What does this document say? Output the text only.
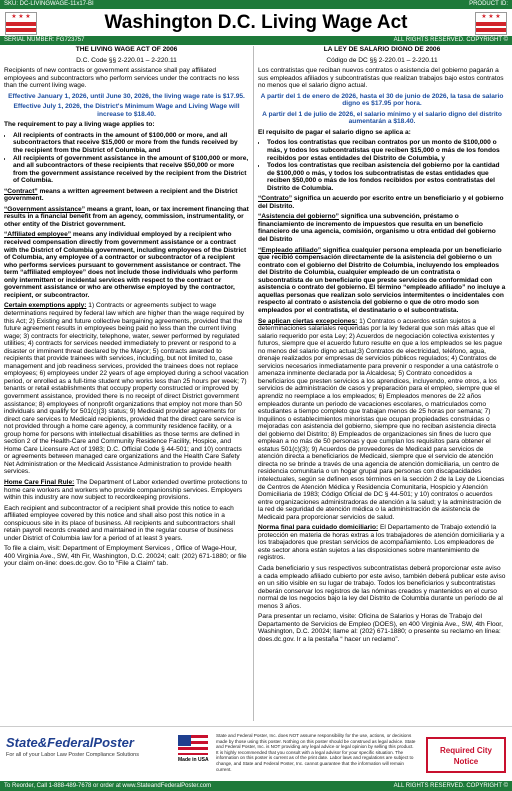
SKU: DC-LIVINGWAGE-11x17-BI	PRODUCT ID:
★ ★ ★	Washington D.C. Living Wage Act	★ ★ ★
SERIAL NUMBER: FG723757	ALL RIGHTS RESERVED. COPYRIGHT ©

THE LIVING WAGE ACT OF 2006

D.C. Code §§ 2-220.01 – 2-220.11

Recipients of new contracts or government assistance shall pay affiliated employees and subcontractors who perform services under the contracts no less than the current living wage.

Effective January 1, 2026, until June 30, 2026, the living wage rate is $17.95.

Effective July 1, 2026, the District's Minimum Wage and Living Wage will increase to $18.40.

The requirement to pay a living wage applies to:

• All recipients of contracts in the amount of $100,000 or more, and all subcontractors that receive $15,000 or more from the funds received by the recipient from the District of Columbia, and
• All recipients of government assistance in the amount of $100,000 or more, and all subcontractors of these recipients that receive $50,000 or more from the government assistance received by the recipient from the District of Columbia.

“Contract” means a written agreement between a recipient and the District government.

“Government assistance” means a grant, loan, or tax increment financing that results in a financial benefit from an agency, commission, instrumentality, or other entity of the District government.

“Affiliated employee” means any individual employed by a recipient who received compensation directly from government assistance or a contract with the District of Columbia government, including employees of the District of Columbia, any employee of a contractor or subcontractor of a recipient who performs services pursuant to government assistance or contract. The term “affiliated employee” does not include those individuals who perform only intermittent or incidental services with respect to the contract or government assistance or who are otherwise employed by the contractor, recipient, or subcontractor.

Certain exemptions apply: 1) Contracts or agreements subject to wage determinations required by federal law which are higher than the wage required by this Act; 2) Existing and future collective bargaining agreements, provided that the future agreement results in employees being paid no less than the current living wage; 3) contracts for electricity, telephone, water, sewer performed by regulated utilities; 4) contracts for services needed immediately to prevent or respond to a disaster or imminent threat declared by the Mayor; 5) contracts awarded to recipients that provide trainees with services, including, but not limited to, case management and job readiness services, provided the trainees does not replace employees; 6) employees under 22 years of age employed during a school vacation period, or enrolled as a full-time student who works less than 25 hours per week; 7) tenants or retail establishments that occupy property constructed or improved by government assistance, provided there is no receipt of direct District government assistance; 8) employees of nonprofit organizations that employ not more than 50 individuals and qualify for 501(c)(3) status; 9) Medicaid provider agreements for direct care services to Medicaid recipients, provided that the direct care service is not provided through a home care agency, a community residence facility, or a group home for persons with intellectual disabilities as those terms are defined in section 2 of the Health-Care and Community Residence Facility, Hospice, and Home Care Licensure Act of 1983; D.C. Official Code § 44-501; and 10) contracts or agreements between managed care organizations and the Health Care Safety Net Administration or the Medicaid Assistance Administration to provide health services.

Home Care Final Rule: The Department of Labor extended overtime protections to home care workers and workers who provide companionship services. Employers within this industry are now subject to recordkeeping provisions.

Each recipient and subcontractor of a recipient shall provide this notice to each affiliated employee covered by this notice and shall also post this notice in a conspicuous site in its place of business. All recipients and subcontractors shall retain payroll records created and maintained in the regular course of business under District of Columbia law for a period of at least 3 years.

To file a claim, visit: Department of Employment Services , Office of Wage-Hour, 400 Virginia Ave., SW, 4th Fir, Washington, D.C. 20024; call: (202) 671-1880; or file your claim on-line: does.dc.gov. Go to “File a Claim” tab.

LA LEY DE SALARIO DIGNO DE 2006

Código de DC §§ 2-220.01 – 2-220.11

Los contratistas que reciban nuevos contratos o asistencia del gobierno pagarán a sus empleados afiliados y subcontratistas que realizan trabajos bajo estos contratos no menos que el salario digno actual.

A partir del 1 de enero de 2026, hasta el 30 de junio de 2026, la tasa de salario digno es $17.95 por hora.

A partir del 1 de julio de 2026, el salario mínimo y el salario digno del distrito aumentarán a $18.40.

El requisito de pagar el salario digno se aplica a:

• Todos los contratistas que reciban contratos por un monto de $100,000 o más, y todos los subcontratistas que reciben $15,000 o más de los fondos recibidos por estas entidades del Distrito de Columbia, y
• Todos los contratistas que reciban asistencia del gobierno por la cantidad de $100,000 o más, y todos los subcontratistas de estas entidades que reciben $50,000 o más de los fondos recibidos por estos contratistas del Distrito de Columbia.

“Contrato” significa un acuerdo por escrito entre un beneficiario y el gobierno del Distrito.

“Asistencia del gobierno” significa una subvención, préstamo o financiamiento de incremento de impuestos que resulta en un beneficio financiero de una agencia, comisión, organismo u otra entidad del gobierno del Distrito

“Empleado afiliado” significa cualquier persona empleada por un beneficiario que recibió compensación directamente de la asistencia del gobierno o un contrato con el gobierno del Distrito de Columbia, incluyendo los empleados del Distrito de Columbia, cualquier empleado de un contratista o subcontratista de un beneficiario que preste servicios de conformidad con asistencia o contrato del gobierno. El término “empleado afiliado” no incluye a aquellas personas que realizan solo servicios intermitentes o incidentales con respecto al contrato o asistencia del gobierno o que de otro modo son empleados por el contratista, el destinatario o el subcontratista.

Se aplican ciertas excepciones: 1) Contratos o acuerdos están sujetos a determinaciones salariales requeridas por la ley federal que son más altas que el salario requerido por esta Ley; 2) Acuerdos de negociación colectiva existentes y futuros, siempre que el acuerdo futuro resulte en que a los empleados se les pague no menos del salario digno actual;3) Contratos de electricidad, teléfono, agua, drenaje realizados por empresas de servicios públicos regulados; 4) Contratos de servicios necesarios inmediatamente para prevenir o responder a una catástrofe o amenaza inminente declarada por la Alcaldesa; 5) Contrato concedidos a beneficiarios que presten servicios a los aprendices, incluyendo, entre otros, a los servicios de administración de casos y preparación para el empleo, siempre que el aprendiz no reemplace a los empleados; 6) Empleados menores de 22 años empleados durante un periodo de vacaciones escolares, o matriculados como estudiantes a tiempo completo que trabajan menos de 25 horas por semana; 7) Inquilinos o establecimientos minoristas que ocupan propiedades construidas o mejoradas con asistencia del gobierno, siempre que no reciban asistencia directa del gobierno del Distrito; 8) Empleados de organizaciones sin fines de lucro que emplean a no más de 50 personas y que cumplan los requisitos para obtener el estatus 501(c)(3); 9) Acuerdos de proveedores de Medicaid para servicios de atención directa a beneficiarios de Medicaid, siempre que el servicio de atención directa no se brinde a través de una agencia de atención domiciliaria, un centro de residencia comunitaria o un hogar grupal para personas con discapacidades intelectuales, según se definen esos términos en la sección 2 de la Ley de Licencias de Centros de Atención Médica y Residencia Comunitaria, Hospicio y Atención Domiciliaria de 1983; Código Oficial de DC § 44-501; y 10) contratos o acuerdos entre organizaciones administradoras de atención a la salud; y la administración de la red de seguridad de atención médica o la administración de asistencia de Medicaid para proporcionar servicios de salud.

Norma final para cuidado domiciliario: El Departamento de Trabajo extendió la protección en materia de horas extras a los trabajadores de atención domiciliaria y a los trabajadores que prestan servicios de acompañamiento. Los empleadores de este sector ahora están sujetos a las disposiciones sobre mantenimiento de registros.

Cada beneficiario y sus respectivos subcontratistas deberá proporcionar este aviso a cada empleado afiliado cubierto por este aviso, también deberá publicar este aviso en un sitio visible en su lugar de trabajo. Todos los beneficiarios y subcontratistas deberán conservar los registros de las nóminas creados y mantenidos en el curso normal de los negocios bajo la ley del Distrito de Columbia durante un período de al menos 3 años.

Para presentar un reclamo, visite: Oficina de Salarios y Horas de Trabajo del Departamento de Servicios de Empleo (DOES), en 400 Virginia Ave., SW, 4th Floor, Washington, D.C. 20024; llame al: (202) 671-1880; o presente su reclamo en línea: does.dc.gov. Ir a la pestaña “ hacer un reclamo”.

State&FederalPoster
For all of your Labor Law Poster Compliance Solutions
Made in USA
State and Federal Poster, Inc. does NOT assume responsibility for the use, actions, or decisions made by those using this poster. Nothing on this poster should be construed as legal advice. State and Federal Poster, Inc. is NOT providing any legal advice or legal opinion by selling this product. It is highly recommended that you consult with a legal advisor for your specific situation. The information on this poster is current as of the print date. Labor laws and regulations are subject to change, and State and Federal Poster, Inc. cannot guarantee that the information will remain current.
Required City Notice
To Reorder, Call 1-888-489-7678 or order at www.StateandFederalPoster.com	ALL RIGHTS RESERVED. COPYRIGHT ©
